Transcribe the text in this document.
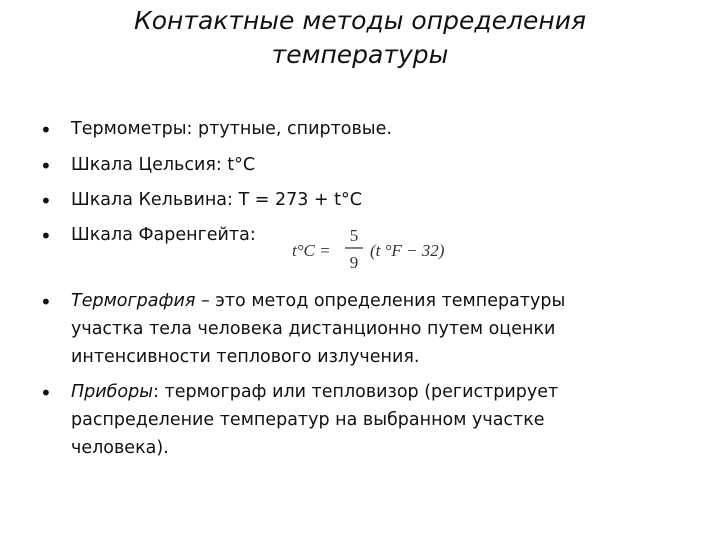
Контактные методы определения
температуры
• Термометры: ртутные, спиртовые.
• Шкала Цельсия: t°C
• Шкала Кельвина: T = 273 + t°C
• Шкала Фаренгейта:
t°C =
5
9
(t °F − 32)
• Термография – это метод определения температуры
участка тела человека дистанционно путем оценки
интенсивности теплового излучения.
• Приборы: термограф или тепловизор (регистрирует
распределение температур на выбранном участке
человека).
